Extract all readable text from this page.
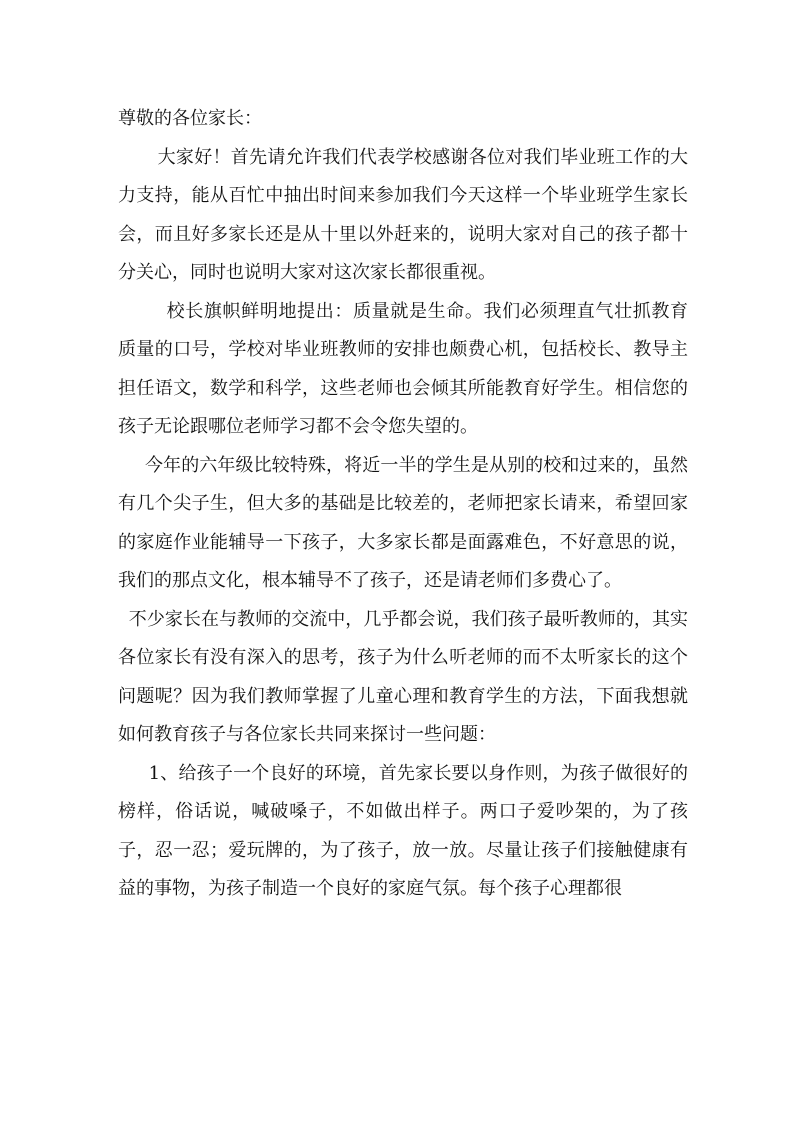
尊敬的各位家长：

大家好！首先请允许我们代表学校感谢各位对我们毕业班工作的大力支持，能从百忙中抽出时间来参加我们今天这样一个毕业班学生家长会，而且好多家长还是从十里以外赶来的，说明大家对自己的孩子都十分关心，同时也说明大家对这次家长都很重视。

校长旗帜鲜明地提出：质量就是生命。我们必须理直气壮抓教育质量的口号，学校对毕业班教师的安排也颇费心机，包括校长、教导主担任语文，数学和科学，这些老师也会倾其所能教育好学生。相信您的孩子无论跟哪位老师学习都不会令您失望的。

今年的六年级比较特殊，将近一半的学生是从别的校和过来的，虽然有几个尖子生，但大多的基础是比较差的，老师把家长请来，希望回家的家庭作业能辅导一下孩子，大多家长都是面露难色，不好意思的说，我们的那点文化，根本辅导不了孩子，还是请老师们多费心了。

不少家长在与教师的交流中，几乎都会说，我们孩子最听教师的，其实各位家长有没有深入的思考，孩子为什么听老师的而不太听家长的这个问题呢？因为我们教师掌握了儿童心理和教育学生的方法，下面我想就如何教育孩子与各位家长共同来探讨一些问题：

1、给孩子一个良好的环境，首先家长要以身作则，为孩子做很好的榜样，俗话说，喊破嗓子，不如做出样子。两口子爱吵架的，为了孩子，忍一忍；爱玩牌的，为了孩子，放一放。尽量让孩子们接触健康有益的事物，为孩子制造一个良好的家庭气氛。每个孩子心理都很
